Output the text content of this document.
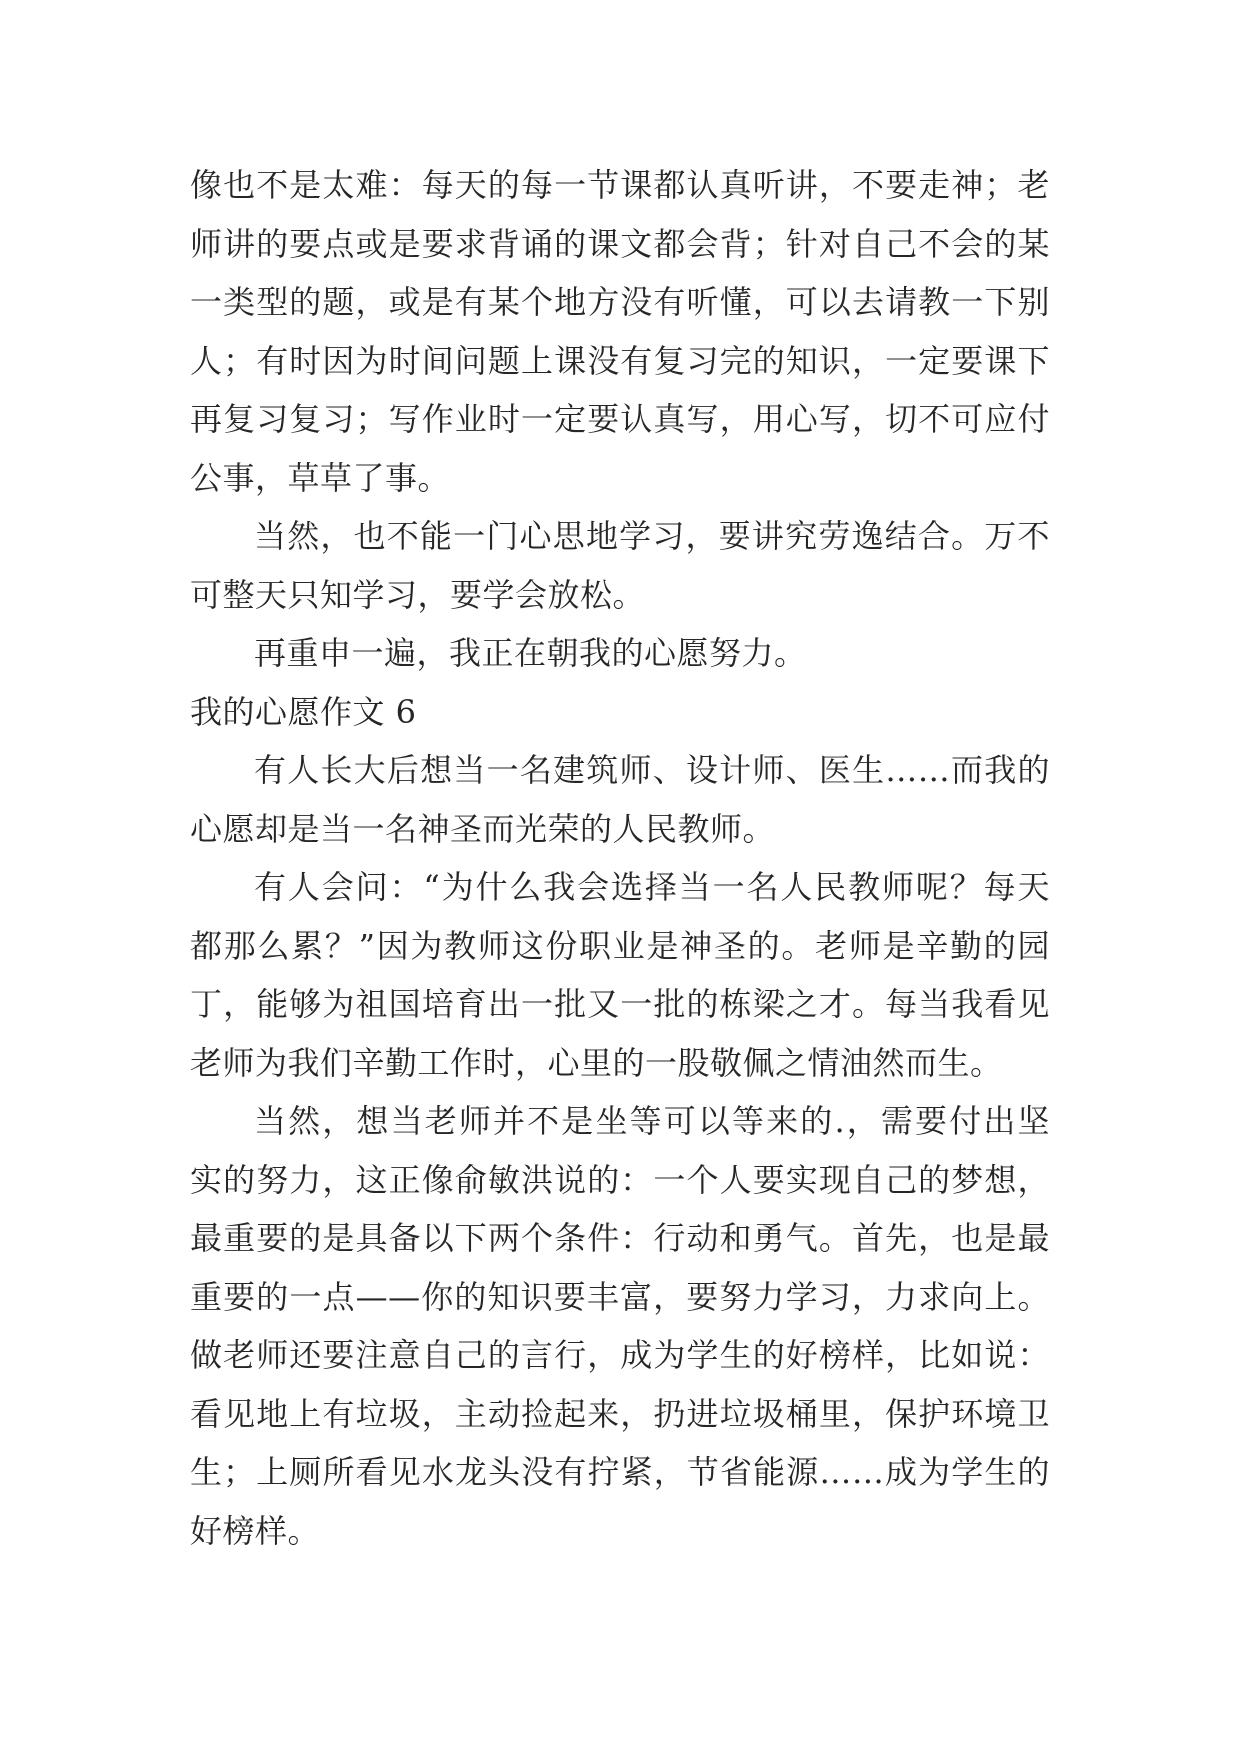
像也不是太难：每天的每一节课都认真听讲，不要走神；老
师讲的要点或是要求背诵的课文都会背；针对自己不会的某
一类型的题，或是有某个地方没有听懂，可以去请教一下别
人；有时因为时间问题上课没有复习完的知识，一定要课下
再复习复习；写作业时一定要认真写，用心写，切不可应付
公事，草草了事。
当然，也不能一门心思地学习，要讲究劳逸结合。万不
可整天只知学习，要学会放松。
再重申一遍，我正在朝我的心愿努力。
我的心愿作文 6
有人长大后想当一名建筑师、设计师、医生……而我的
心愿却是当一名神圣而光荣的人民教师。
有人会问：“为什么我会选择当一名人民教师呢？每天
都那么累？”因为教师这份职业是神圣的。老师是辛勤的园
丁，能够为祖国培育出一批又一批的栋梁之才。每当我看见
老师为我们辛勤工作时，心里的一股敬佩之情油然而生。
当然，想当老师并不是坐等可以等来的.，需要付出坚
实的努力，这正像俞敏洪说的：一个人要实现自己的梦想，
最重要的是具备以下两个条件：行动和勇气。首先，也是最
重要的一点——你的知识要丰富，要努力学习，力求向上。
做老师还要注意自己的言行，成为学生的好榜样，比如说：
看见地上有垃圾，主动捡起来，扔进垃圾桶里，保护环境卫
生；上厕所看见水龙头没有拧紧，节省能源……成为学生的
好榜样。
